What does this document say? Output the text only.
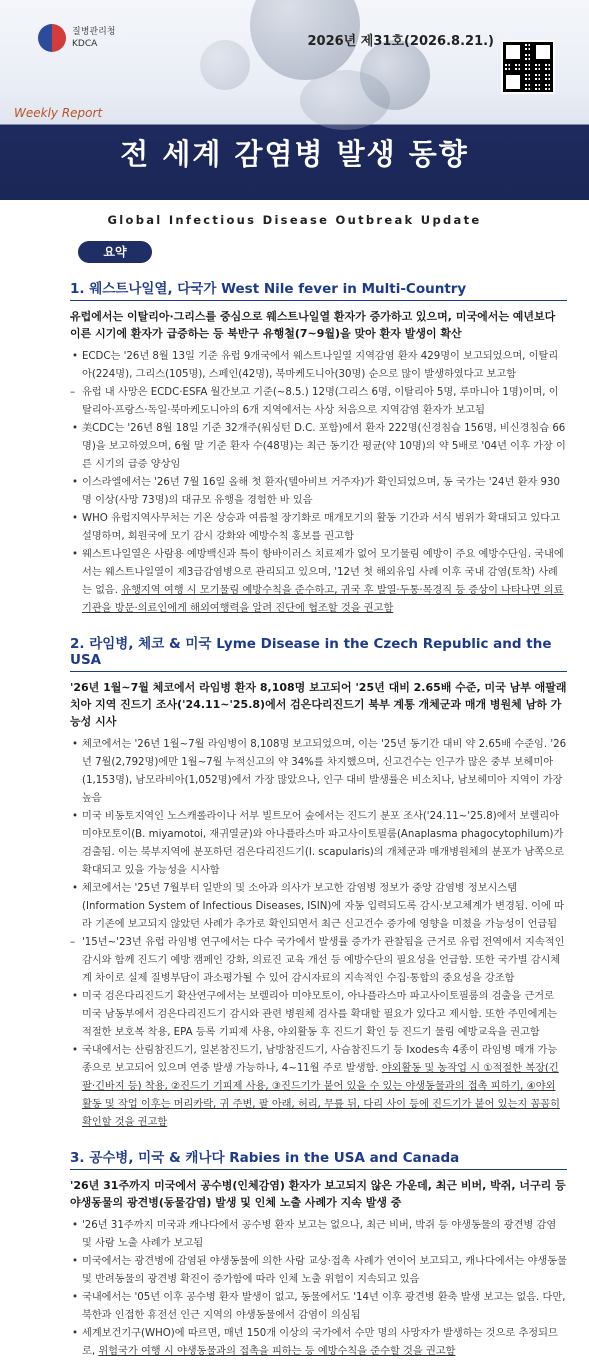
질병관리청
KDCA	2026년 제31호(2026.8.21.)
Weekly Report
전 세계 감염병 발생 동향
Global Infectious Disease Outbreak Update
요약
1. 웨스트나일열, 다국가 West Nile fever in Multi-Country
유럽에서는 이탈리아·그리스를 중심으로 웨스트나일열 환자가 증가하고 있으며, 미국에서는 예년보다 이른 시기에 환자가 급증하는 등 북반구 유행철(7~9월)을 맞아 환자 발생이 확산
• ECDC는 '26년 8월 13일 기준 유럽 9개국에서 웨스트나일열 지역감염 환자 429명이 보고되었으며, 이탈리아(224명), 그리스(105명), 스페인(42명), 북마케도니아(30명) 순으로 많이 발생하였다고 보고함
– 유럽 내 사망은 ECDC·ESFA 월간보고 기준(~8.5.) 12명(그리스 6명, 이탈리아 5명, 루마니아 1명)이며, 이탈리아·프랑스·독일·북마케도니아의 6개 지역에서는 사상 처음으로 지역감염 환자가 보고됨
• 美CDC는 '26년 8월 18일 기준 32개주(워싱턴 D.C. 포함)에서 환자 222명(신경침습 156명, 비신경침습 66명)을 보고하였으며, 6월 말 기준 환자 수(48명)는 최근 동기간 평균(약 10명)의 약 5배로 '04년 이후 가장 이른 시기의 급증 양상임
• 이스라엘에서는 '26년 7월 16일 올해 첫 환자(텔아비브 거주자)가 확인되었으며, 동 국가는 '24년 환자 930명 이상(사망 73명)의 대규모 유행을 경험한 바 있음
• WHO 유럽지역사무처는 기온 상승과 여름철 장기화로 매개모기의 활동 기간과 서식 범위가 확대되고 있다고 설명하며, 회원국에 모기 감시 강화와 예방수칙 홍보를 권고함
• 웨스트나일열은 사람용 예방백신과 특이 항바이러스 치료제가 없어 모기물림 예방이 주요 예방수단임. 국내에서는 웨스트나일열이 제3급감염병으로 관리되고 있으며, '12년 첫 해외유입 사례 이후 국내 감염(토착) 사례는 없음. 유행지역 여행 시 모기물림 예방수칙을 준수하고, 귀국 후 발열·두통·목경직 등 증상이 나타나면 의료기관을 방문·의료인에게 해외여행력을 알려 진단에 협조할 것을 권고함
2. 라임병, 체코 & 미국 Lyme Disease in the Czech Republic and the USA
'26년 1월~7월 체코에서 라임병 환자 8,108명 보고되어 '25년 대비 2.65배 수준, 미국 남부 애팔래치아 지역 진드기 조사('24.11~'25.8)에서 검은다리진드기 북부 계통 개체군과 매개 병원체 남하 가능성 시사
• 체코에서는 '26년 1월~7월 라임병이 8,108명 보고되었으며, 이는 '25년 동기간 대비 약 2.65배 수준임. '26년 7월(2,792명)에만 1월~7월 누적신고의 약 34%를 차지했으며, 신고건수는 인구가 많은 중부 보헤미아(1,153명), 남모라비아(1,052명)에서 가장 많았으나, 인구 대비 발생률은 비소치나, 남보헤미아 지역이 가장 높음
• 미국 비동토지역인 노스캐롤라이나 서부 빌트모어 숲에서는 진드기 분포 조사('24.11~'25.8)에서 보렐리아 미야모토이(B. miyamotoi, 재귀열균)와 아나플라스마 파고사이토필룸(Anaplasma phagocytophilum)가 검출됨. 이는 북부지역에 분포하던 검은다리진드기(I. scapularis)의 개체군과 매개병원체의 분포가 남쪽으로 확대되고 있을 가능성을 시사함
• 체코에서는 '25년 7월부터 일반의 및 소아과 의사가 보고한 감염병 정보가 중앙 감염병 정보시스템(Information System of Infectious Diseases, ISIN)에 자동 입력되도록 감시·보고체계가 변경됨. 이에 따라 기존에 보고되지 않았던 사례가 추가로 확인되면서 최근 신고건수 증가에 영향을 미쳤을 가능성이 언급됨
– '15년~'23년 유럽 라임병 연구에서는 다수 국가에서 발생률 증가가 관찰됨을 근거로 유럽 전역에서 지속적인 감시와 함께 진드기 예방 캠페인 강화, 의료진 교육 개선 등 예방수단의 필요성을 언급함. 또한 국가별 감시체계 차이로 실제 질병부담이 과소평가될 수 있어 감시자료의 지속적인 수집·통합의 중요성을 강조함
• 미국 검은다리진드기 확산연구에서는 보렐리아 미야모토이, 아나플라스마 파고사이토필룸의 검출을 근거로 미국 남동부에서 검은다리진드기 감시와 관련 병원체 검사를 확대할 필요가 있다고 제시함. 또한 주민에게는 적절한 보호복 착용, EPA 등록 기피제 사용, 야외활동 후 진드기 확인 등 진드기 물림 예방교육을 권고함
• 국내에서는 산림참진드기, 일본참진드기, 남방참진드기, 사슴참진드기 등 Ixodes속 4종이 라임병 매개 가능종으로 보고되어 있으며 연중 발생 가능하나, 4~11월 주로 발생함. 야외활동 및 농작업 시 ①적절한 복장(긴팔·긴바지 등) 착용, ②진드기 기피제 사용, ③진드기가 붙어 있을 수 있는 야생동물과의 접촉 피하기, ④야외 활동 및 작업 이후는 머리카락, 귀 주변, 팔 아래, 허리, 무릎 뒤, 다리 사이 등에 진드기가 붙어 있는지 꼼꼼히 확인할 것을 권고함
3. 공수병, 미국 & 캐나다 Rabies in the USA and Canada
'26년 31주까지 미국에서 공수병(인체감염) 환자가 보고되지 않은 가운데, 최근 비버, 박쥐, 너구리 등 야생동물의 광견병(동물감염) 발생 및 인체 노출 사례가 지속 발생 중
• '26년 31주까지 미국과 캐나다에서 공수병 환자 보고는 없으나, 최근 비버, 박쥐 등 야생동물의 광견병 감염 및 사람 노출 사례가 보고됨
• 미국에서는 광견병에 감염된 야생동물에 의한 사람 교상·접촉 사례가 연이어 보고되고, 캐나다에서는 야생동물 및 반려동물의 광견병 확진이 증가함에 따라 인체 노출 위험이 지속되고 있음
• 국내에서는 '05년 이후 공수병 환자 발생이 없고, 동물에서도 '14년 이후 광견병 환축 발생 보고는 없음. 다만, 북한과 인접한 휴전선 인근 지역의 야생동물에서 감염이 의심됨
• 세계보건기구(WHO)에 따르면, 매년 150개 이상의 국가에서 수만 명의 사망자가 발생하는 것으로 추정되므로, 위험국가 여행 시 야생동물과의 접촉을 피하는 등 예방수칙을 준수할 것을 권고함
